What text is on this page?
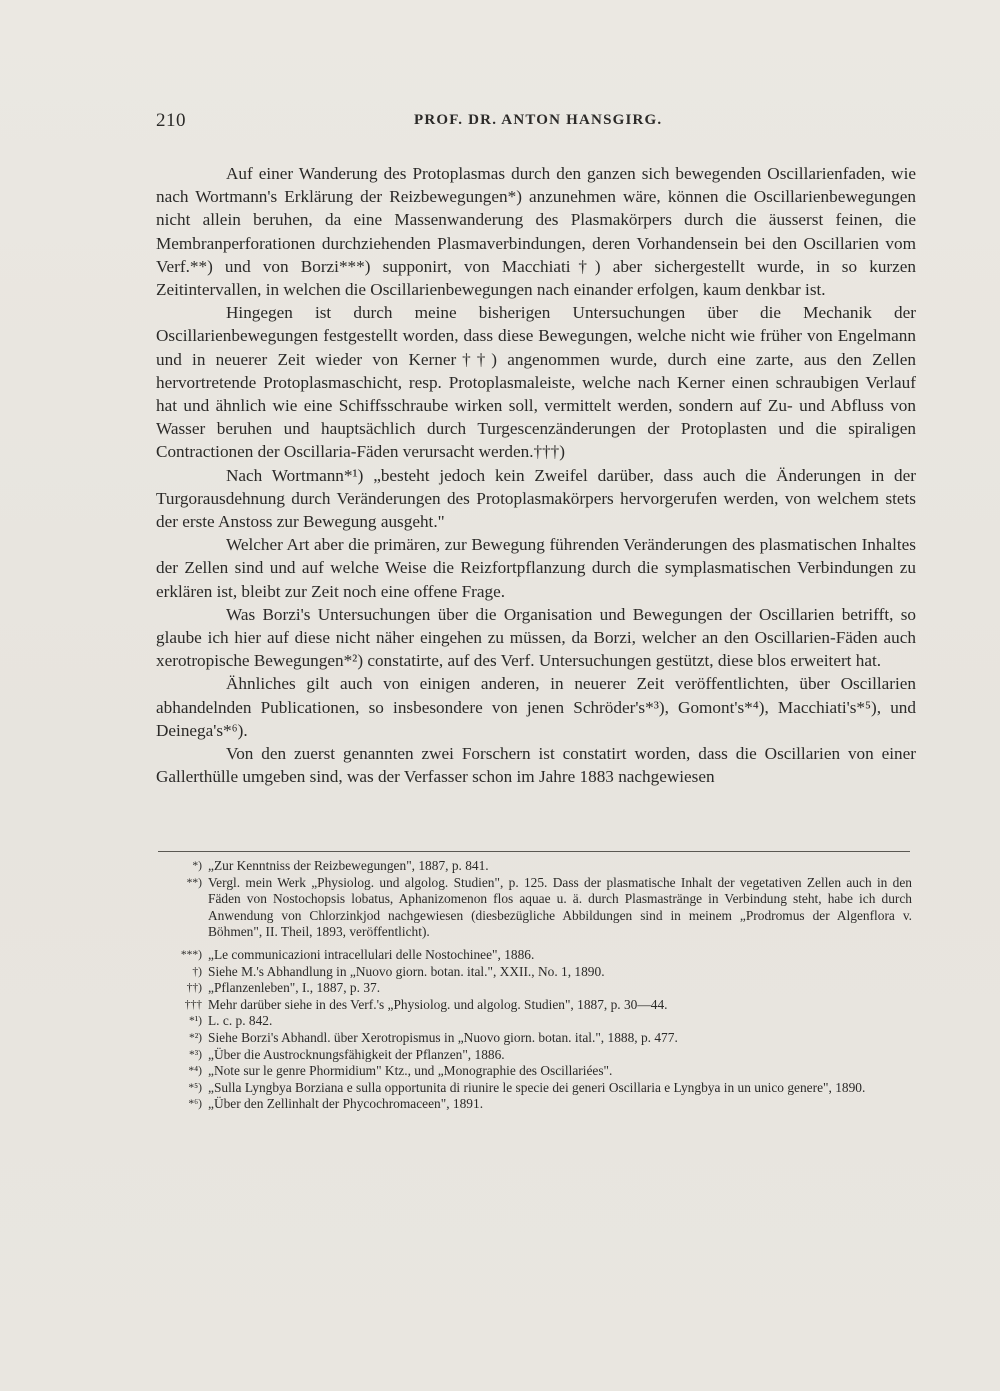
210	PROF. DR. ANTON HANSGIRG.

Auf einer Wanderung des Protoplasmas durch den ganzen sich bewegenden Oscillarienfaden, wie nach Wortmann's Erklärung der Reizbewegungen*) anzunehmen wäre, können die Oscillarienbewegungen nicht allein beruhen, da eine Massenwanderung des Plasmakörpers durch die äusserst feinen, die Membranperforationen durchziehenden Plasmaverbindungen, deren Vorhandensein bei den Oscillarien vom Verf.**) und von Borzi***) supponirt, von Macchiati†) aber sichergestellt wurde, in so kurzen Zeitintervallen, in welchen die Oscillarienbewegungen nach einander erfolgen, kaum denkbar ist.

Hingegen ist durch meine bisherigen Untersuchungen über die Mechanik der Oscillarienbewegungen festgestellt worden, dass diese Bewegungen, welche nicht wie früher von Engelmann und in neuerer Zeit wieder von Kerner††) angenommen wurde, durch eine zarte, aus den Zellen hervortretende Protoplasmaschicht, resp. Protoplasmaleiste, welche nach Kerner einen schraubigen Verlauf hat und ähnlich wie eine Schiffsschraube wirken soll, vermittelt werden, sondern auf Zu- und Abfluss von Wasser beruhen und hauptsächlich durch Turgescenzänderungen der Protoplasten und die spiraligen Contractionen der Oscillaria-Fäden verursacht werden.†††)

Nach Wortmann*¹) „besteht jedoch kein Zweifel darüber, dass auch die Änderungen in der Turgorausdehnung durch Veränderungen des Protoplasmakörpers hervorgerufen werden, von welchem stets der erste Anstoss zur Bewegung ausgeht."

Welcher Art aber die primären, zur Bewegung führenden Veränderungen des plasmatischen Inhaltes der Zellen sind und auf welche Weise die Reizfortpflanzung durch die symplasmatischen Verbindungen zu erklären ist, bleibt zur Zeit noch eine offene Frage.

Was Borzi's Untersuchungen über die Organisation und Bewegungen der Oscillarien betrifft, so glaube ich hier auf diese nicht näher eingehen zu müssen, da Borzi, welcher an den Oscillarien-Fäden auch xerotropische Bewegungen*²) constatirte, auf des Verf. Untersuchungen gestützt, diese blos erweitert hat.

Ähnliches gilt auch von einigen anderen, in neuerer Zeit veröffentlichten, über Oscillarien abhandelnden Publicationen, so insbesondere von jenen Schröder's*³), Gomont's*⁴), Macchiati's*⁵), und Deinega's*⁶).

Von den zuerst genannten zwei Forschern ist constatirt worden, dass die Oscillarien von einer Gallerthülle umgeben sind, was der Verfasser schon im Jahre 1883 nachgewiesen

*) „Zur Kenntniss der Reizbewegungen", 1887, p. 841.
**) Vergl. mein Werk „Physiolog. und algolog. Studien", p. 125. Dass der plasmatische Inhalt der vegetativen Zellen auch in den Fäden von Nostochopsis lobatus, Aphanizomenon flos aquae u. ä. durch Plasmastränge in Verbindung steht, habe ich durch Anwendung von Chlorzinkjod nachgewiesen (diesbezügliche Abbildungen sind in meinem „Prodromus der Algenflora v. Böhmen", II. Theil, 1893, veröffentlicht).
***) „Le communicazioni intracellulari delle Nostochinee", 1886.
†) Siehe M.'s Abhandlung in „Nuovo giorn. botan. ital.", XXII., No. 1, 1890.
††) „Pflanzenleben", I., 1887, p. 37.
††† Mehr darüber siehe in des Verf.'s „Physiolog. und algolog. Studien", 1887, p. 30—44.
*¹) L. c. p. 842.
*²) Siehe Borzi's Abhandl. über Xerotropismus in „Nuovo giorn. botan. ital.", 1888, p. 477.
*³) „Über die Austrocknungsfähigkeit der Pflanzen", 1886.
*⁴) „Note sur le genre Phormidium" Ktz., und „Monographie des Oscillariées".
*⁵) „Sulla Lyngbya Borziana e sulla opportunita di riunire le specie dei generi Oscillaria e Lyngbya in un unico genere", 1890.
*⁶) „Über den Zellinhalt der Phycochromaceen", 1891.
